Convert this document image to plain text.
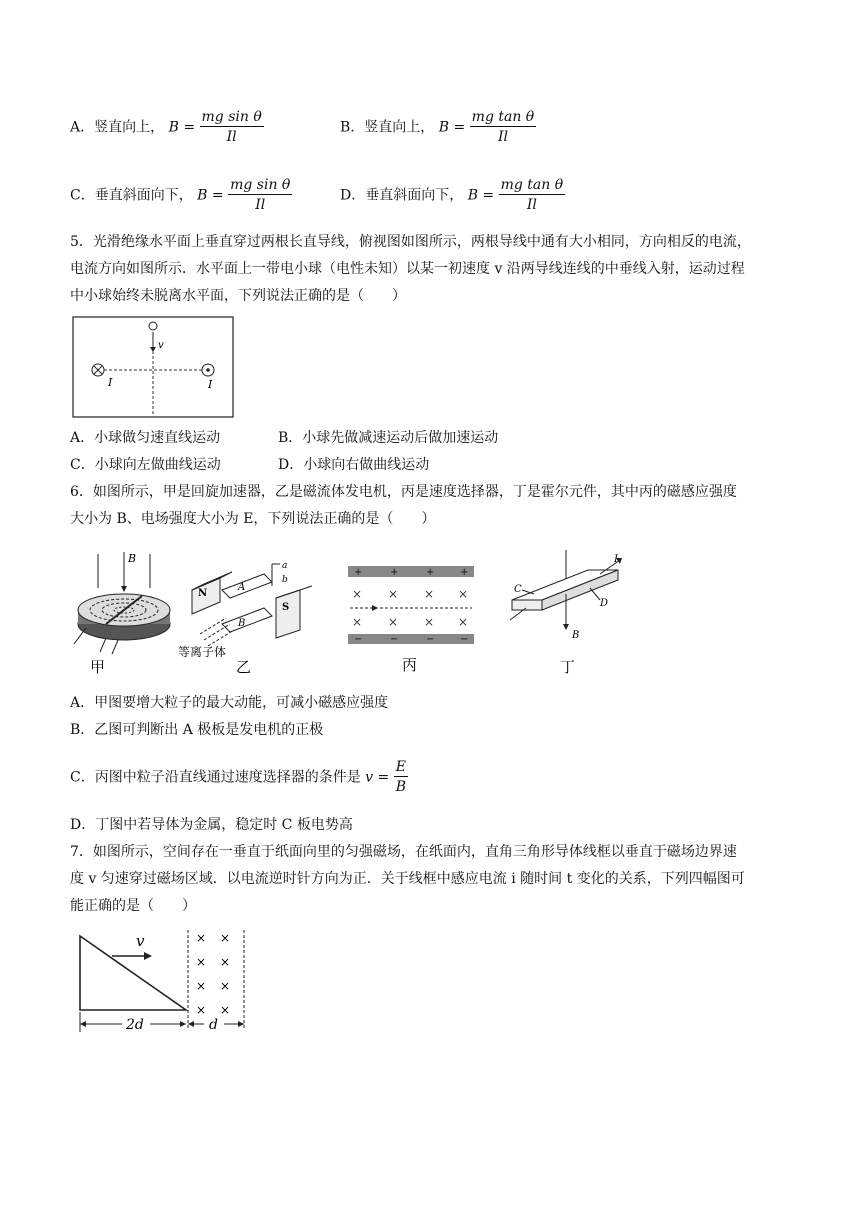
A．竖直向上， $B = \frac{\text{mg sin θ}}{Il}$	B．竖直向上， $B = \frac{\text{mg tan θ}}{Il}$
C．垂直斜面向下， $B = \frac{\text{mg sin θ}}{Il}$	D．垂直斜面向下， $B = \frac{\text{mg tan θ}}{Il}$
5．光滑绝缘水平面上垂直穿过两根长直导线，俯视图如图所示，两根导线中通有大小相同，方向相反的电流，
电流方向如图所示．水平面上一带电小球（电性未知）以某一初速度 v 沿两导线连线的中垂线入射，运动过程
中小球始终未脱离水平面，下列说法正确的是（　　）
v
I	I
A．小球做匀速直线运动	B．小球先做减速运动后做加速运动
C．小球向左做曲线运动	D．小球向右做曲线运动
6．如图所示，甲是回旋加速器，乙是磁流体发电机，丙是速度选择器，丁是霍尔元件，其中丙的磁感应强度
大小为 B、电场强度大小为 E，下列说法正确的是（　　）
B
甲
N
A
B
a
b
S
等离子体
乙
+	+	+	+
× × × ×
× × × ×
−	−	−	−
丙
B
I
C
D
丁
A．甲图要增大粒子的最大动能，可减小磁感应强度
B．乙图可判断出 A 极板是发电机的正极
C．丙图中粒子沿直线通过速度选择器的条件是 $v = \frac{E}{B}$
D．丁图中若导体为金属，稳定时 C 板电势高
7．如图所示，空间存在一垂直于纸面向里的匀强磁场，在纸面内，直角三角形导体线框以垂直于磁场边界速
度 v 匀速穿过磁场区域．以电流逆时针方向为正．关于线框中感应电流 i 随时间 t 变化的关系，下列四幅图可
能正确的是（　　）
v	× ×
× ×
× ×
× ×
2d	d
